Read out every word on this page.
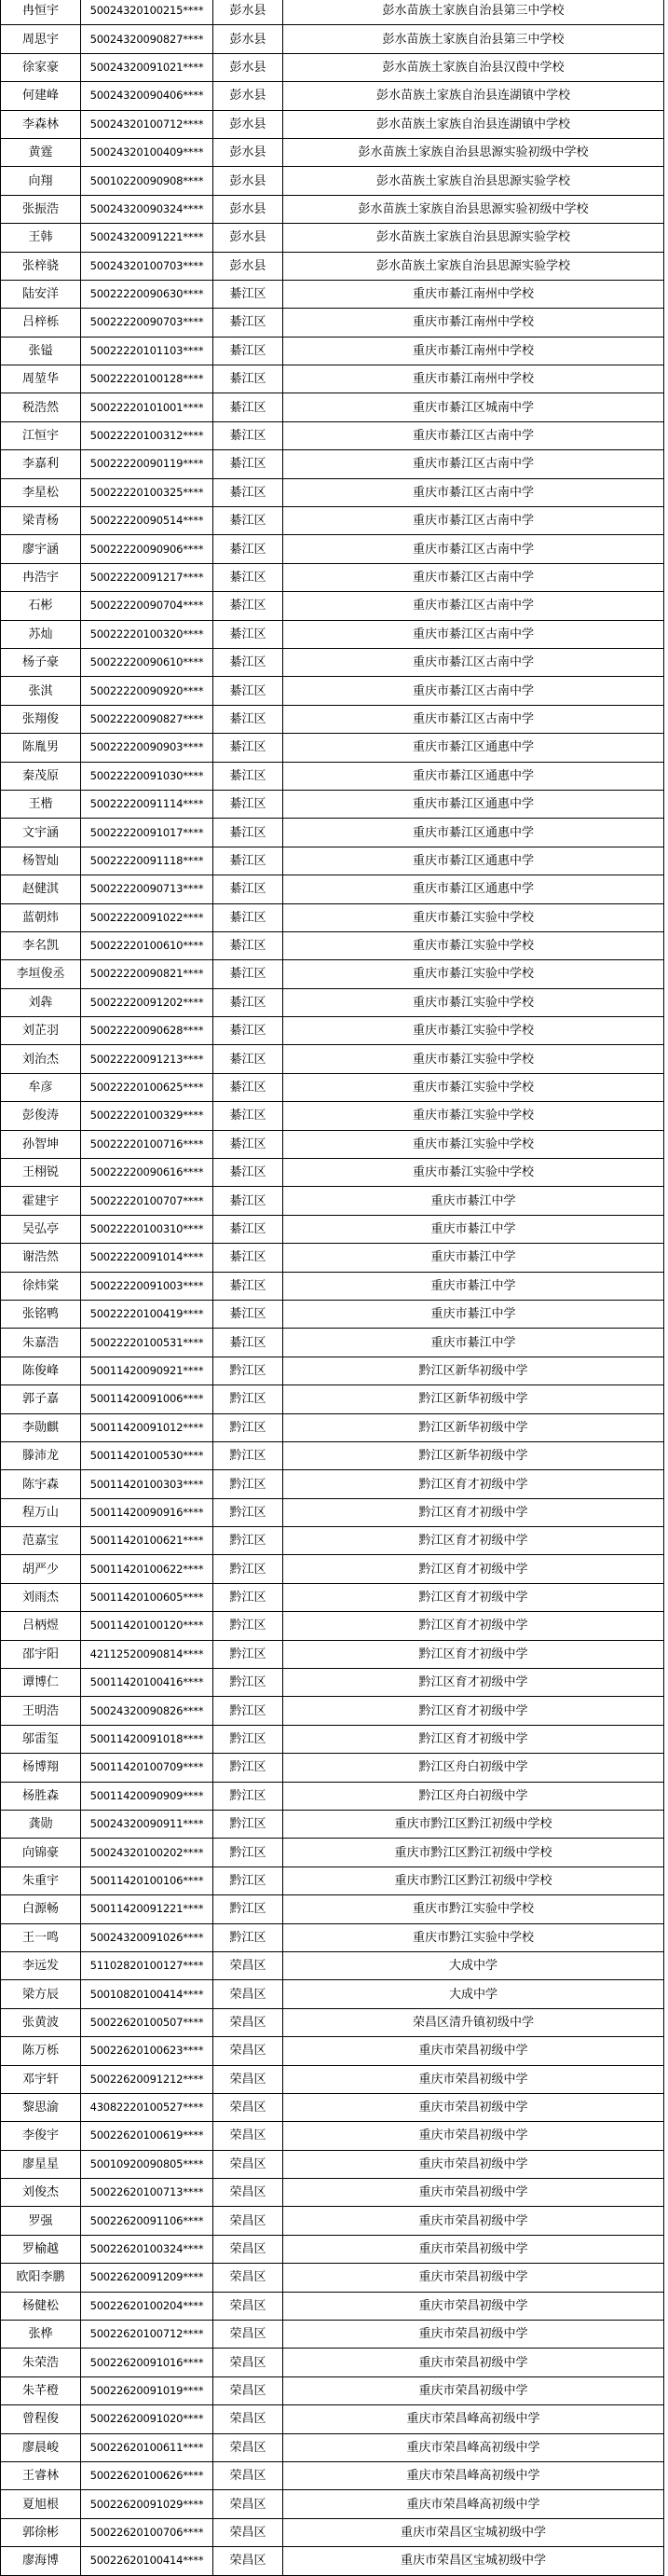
冉恒宇	50024320100215****	彭水县	彭水苗族土家族自治县第三中学校
周思宇	50024320090827****	彭水县	彭水苗族土家族自治县第三中学校
徐家豪	50024320091021****	彭水县	彭水苗族土家族自治县汉葭中学校
何建峰	50024320090406****	彭水县	彭水苗族土家族自治县连湖镇中学校
李森林	50024320100712****	彭水县	彭水苗族土家族自治县连湖镇中学校
黄霆	50024320100409****	彭水县	彭水苗族土家族自治县思源实验初级中学校
向翔	50010220090908****	彭水县	彭水苗族土家族自治县思源实验学校
张振浩	50024320090324****	彭水县	彭水苗族土家族自治县思源实验初级中学校
王韩	50024320091221****	彭水县	彭水苗族土家族自治县思源实验学校
张梓骁	50024320100703****	彭水县	彭水苗族土家族自治县思源实验学校
陆安洋	50022220090630****	綦江区	重庆市綦江南州中学校
吕梓栎	50022220090703****	綦江区	重庆市綦江南州中学校
张镒	50022220101103****	綦江区	重庆市綦江南州中学校
周堃华	50022220100128****	綦江区	重庆市綦江南州中学校
税浩然	50022220101001****	綦江区	重庆市綦江区城南中学
江恒宇	50022220100312****	綦江区	重庆市綦江区古南中学
李嘉利	50022220090119****	綦江区	重庆市綦江区古南中学
李星松	50022220100325****	綦江区	重庆市綦江区古南中学
梁青杨	50022220090514****	綦江区	重庆市綦江区古南中学
廖宇涵	50022220090906****	綦江区	重庆市綦江区古南中学
冉浩宇	50022220091217****	綦江区	重庆市綦江区古南中学
石彬	50022220090704****	綦江区	重庆市綦江区古南中学
苏灿	50022220100320****	綦江区	重庆市綦江区古南中学
杨子豪	50022220090610****	綦江区	重庆市綦江区古南中学
张淇	50022220090920****	綦江区	重庆市綦江区古南中学
张翔俊	50022220090827****	綦江区	重庆市綦江区古南中学
陈胤男	50022220090903****	綦江区	重庆市綦江区通惠中学
秦茂原	50022220091030****	綦江区	重庆市綦江区通惠中学
王楷	50022220091114****	綦江区	重庆市綦江区通惠中学
文宇涵	50022220091017****	綦江区	重庆市綦江区通惠中学
杨智灿	50022220091118****	綦江区	重庆市綦江区通惠中学
赵健淇	50022220090713****	綦江区	重庆市綦江区通惠中学
蓝朝炜	50022220091022****	綦江区	重庆市綦江实验中学校
李名凯	50022220100610****	綦江区	重庆市綦江实验中学校
李垣俊丞	50022220090821****	綦江区	重庆市綦江实验中学校
刘犇	50022220091202****	綦江区	重庆市綦江实验中学校
刘芷羽	50022220090628****	綦江区	重庆市綦江实验中学校
刘治杰	50022220091213****	綦江区	重庆市綦江实验中学校
牟彦	50022220100625****	綦江区	重庆市綦江实验中学校
彭俊涛	50022220100329****	綦江区	重庆市綦江实验中学校
孙智坤	50022220100716****	綦江区	重庆市綦江实验中学校
王栩锐	50022220090616****	綦江区	重庆市綦江实验中学校
霍建宇	50022220100707****	綦江区	重庆市綦江中学
吴弘亭	50022220100310****	綦江区	重庆市綦江中学
谢浩然	50022220091014****	綦江区	重庆市綦江中学
徐炜棠	50022220091003****	綦江区	重庆市綦江中学
张铭鸭	50022220100419****	綦江区	重庆市綦江中学
朱嘉浩	50022220100531****	綦江区	重庆市綦江中学
陈俊峰	50011420090921****	黔江区	黔江区新华初级中学
郭子嘉	50011420091006****	黔江区	黔江区新华初级中学
李勋麒	50011420091012****	黔江区	黔江区新华初级中学
滕沛龙	50011420100530****	黔江区	黔江区新华初级中学
陈宇森	50011420100303****	黔江区	黔江区育才初级中学
程万山	50011420090916****	黔江区	黔江区育才初级中学
范嘉宝	50011420100621****	黔江区	黔江区育才初级中学
胡严少	50011420100622****	黔江区	黔江区育才初级中学
刘雨杰	50011420100605****	黔江区	黔江区育才初级中学
吕柄煜	50011420100120****	黔江区	黔江区育才初级中学
邵宇阳	42112520090814****	黔江区	黔江区育才初级中学
谭博仁	50011420100416****	黔江区	黔江区育才初级中学
王明浩	50024320090826****	黔江区	黔江区育才初级中学
邬雷玺	50011420091018****	黔江区	黔江区育才初级中学
杨博翔	50011420100709****	黔江区	黔江区舟白初级中学
杨胜森	50011420090909****	黔江区	黔江区舟白初级中学
龚勋	50024320090911****	黔江区	重庆市黔江区黔江初级中学校
向锦豪	50024320100202****	黔江区	重庆市黔江区黔江初级中学校
朱重宇	50011420100106****	黔江区	重庆市黔江区黔江初级中学校
白源畅	50011420091221****	黔江区	重庆市黔江实验中学校
王一鸣	50024320091026****	黔江区	重庆市黔江实验中学校
李远发	51102820100127****	荣昌区	大成中学
梁方辰	50010820100414****	荣昌区	大成中学
张黄波	50022620100507****	荣昌区	荣昌区清升镇初级中学
陈万栎	50022620100623****	荣昌区	重庆市荣昌初级中学
邓宇轩	50022620091212****	荣昌区	重庆市荣昌初级中学
黎思渝	43082220100527****	荣昌区	重庆市荣昌初级中学
李俊宇	50022620100619****	荣昌区	重庆市荣昌初级中学
廖星星	50010920090805****	荣昌区	重庆市荣昌初级中学
刘俊杰	50022620100713****	荣昌区	重庆市荣昌初级中学
罗强	50022620091106****	荣昌区	重庆市荣昌初级中学
罗榆越	50022620100324****	荣昌区	重庆市荣昌初级中学
欧阳李鹏	50022620091209****	荣昌区	重庆市荣昌初级中学
杨健松	50022620100204****	荣昌区	重庆市荣昌初级中学
张桦	50022620100712****	荣昌区	重庆市荣昌初级中学
朱荣浩	50022620091016****	荣昌区	重庆市荣昌初级中学
朱芊橙	50022620091019****	荣昌区	重庆市荣昌初级中学
曾程俊	50022620091020****	荣昌区	重庆市荣昌峰高初级中学
廖晨峻	50022620100611****	荣昌区	重庆市荣昌峰高初级中学
王睿林	50022620100626****	荣昌区	重庆市荣昌峰高初级中学
夏旭根	50022620091029****	荣昌区	重庆市荣昌峰高初级中学
郭徐彬	50022620100706****	荣昌区	重庆市荣昌区宝城初级中学
廖海博	50022620100414****	荣昌区	重庆市荣昌区宝城初级中学
